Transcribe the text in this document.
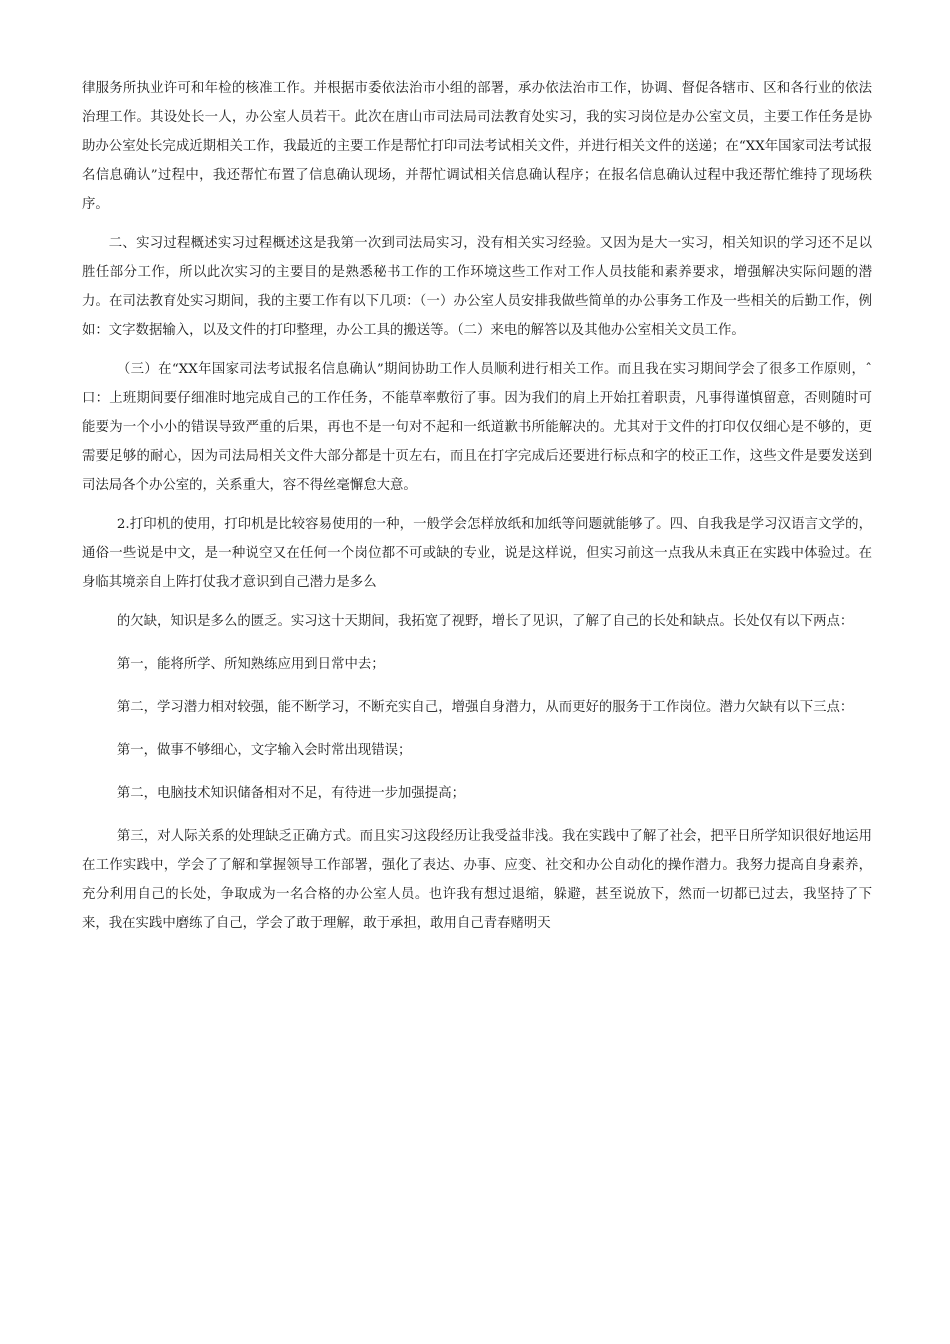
律服务所执业许可和年检的核准工作。并根据市委依法治市小组的部署，承办依法治市工作，协调、督促各辖市、区和各行业的依法治理工作。其设处长一人，办公室人员若干。此次在唐山市司法局司法教育处实习，我的实习岗位是办公室文员，主要工作任务是协助办公室处长完成近期相关工作，我最近的主要工作是帮忙打印司法考试相关文件，并进行相关文件的送递；在“XX年国家司法考试报名信息确认”过程中，我还帮忙布置了信息确认现场，并帮忙调试相关信息确认程序；在报名信息确认过程中我还帮忙维持了现场秩序。

二、实习过程概述实习过程概述这是我第一次到司法局实习，没有相关实习经验。又因为是大一实习，相关知识的学习还不足以胜任部分工作，所以此次实习的主要目的是熟悉秘书工作的工作环境这些工作对工作人员技能和素养要求，增强解决实际问题的潜力。在司法教育处实习期间，我的主要工作有以下几项：（一）办公室人员安排我做些简单的办公事务工作及一些相关的后勤工作，例如：文字数据输入，以及文件的打印整理，办公工具的搬送等。（二）来电的解答以及其他办公室相关文员工作。

（三）在“XX年国家司法考试报名信息确认”期间协助工作人员顺利进行相关工作。而且我在实习期间学会了很多工作原则，ˆ口：上班期间要仔细准时地完成自己的工作任务，不能草率敷衍了事。因为我们的肩上开始扛着职责，凡事得谨慎留意，否则随时可能要为一个小小的错误导致严重的后果，再也不是一句对不起和一纸道歉书所能解决的。尤其对于文件的打印仅仅细心是不够的，更需要足够的耐心，因为司法局相关文件大部分都是十页左右，而且在打字完成后还要进行标点和字的校正工作，这些文件是要发送到司法局各个办公室的，关系重大，容不得丝毫懈怠大意。

2.打印机的使用，打印机是比较容易使用的一种，一般学会怎样放纸和加纸等问题就能够了。四、自我我是学习汉语言文学的，通俗一些说是中文，是一种说空又在任何一个岗位都不可或缺的专业，说是这样说，但实习前这一点我从未真正在实践中体验过。在身临其境亲自上阵打仗我才意识到自己潜力是多么

的欠缺，知识是多么的匮乏。实习这十天期间，我拓宽了视野，增长了见识，了解了自己的长处和缺点。长处仅有以下两点：

第一，能将所学、所知熟练应用到日常中去；

第二，学习潜力相对较强，能不断学习，不断充实自己，增强自身潜力，从而更好的服务于工作岗位。潜力欠缺有以下三点：

第一，做事不够细心，文字输入会时常出现错误；

第二，电脑技术知识储备相对不足，有待进一步加强提高；

第三，对人际关系的处理缺乏正确方式。而且实习这段经历让我受益非浅。我在实践中了解了社会，把平日所学知识很好地运用在工作实践中，学会了了解和掌握领导工作部署，强化了表达、办事、应变、社交和办公自动化的操作潜力。我努力提高自身素养，充分利用自己的长处，争取成为一名合格的办公室人员。也许我有想过退缩，躲避，甚至说放下，然而一切都已过去，我坚持了下来，我在实践中磨练了自己，学会了敢于理解，敢于承担，敢用自己青春赌明天
